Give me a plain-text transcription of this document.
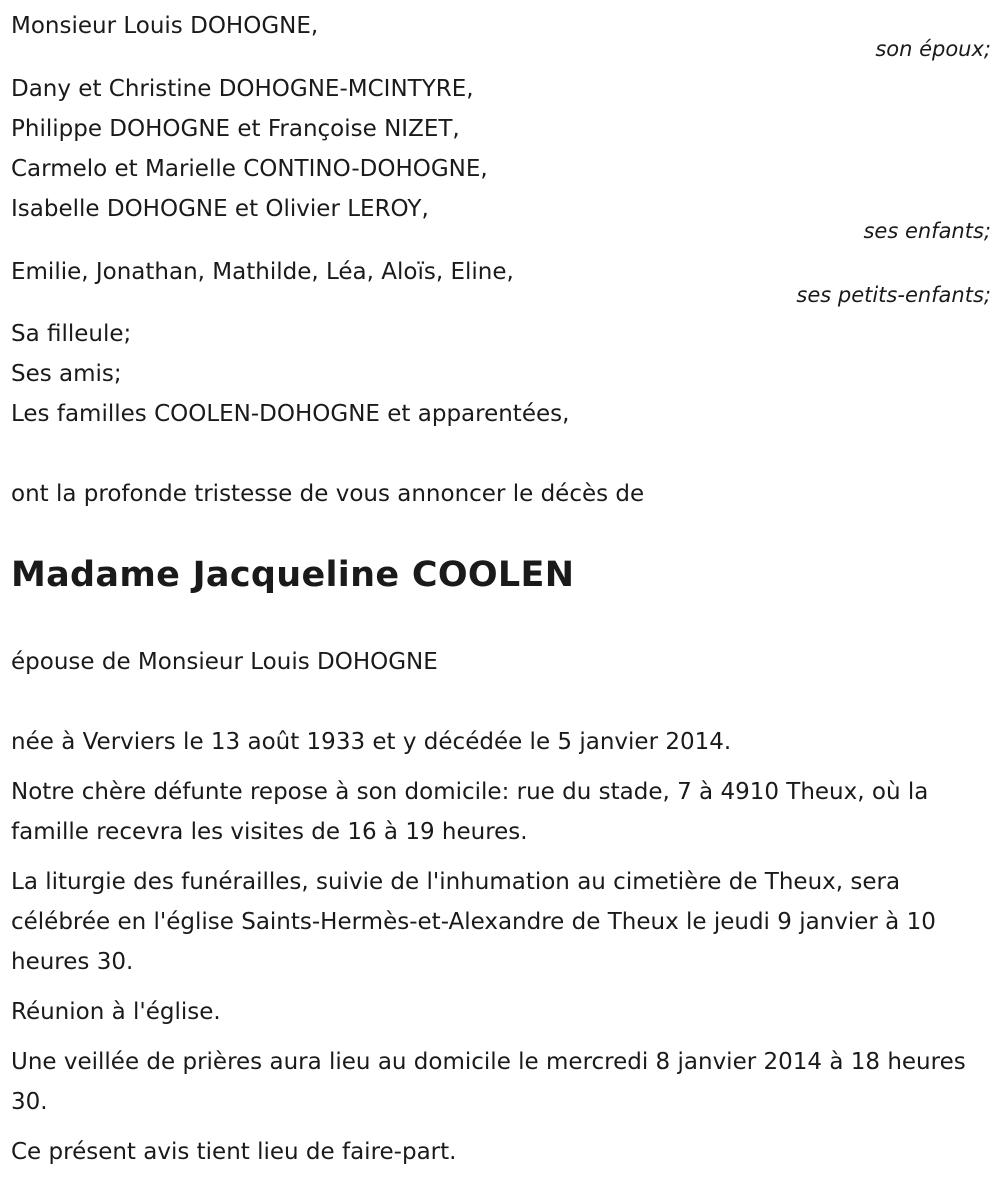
Monsieur Louis DOHOGNE,

son époux;

Dany et Christine DOHOGNE-MCINTYRE,

Philippe DOHOGNE et Françoise NIZET,

Carmelo et Marielle CONTINO-DOHOGNE,

Isabelle DOHOGNE et Olivier LEROY,

ses enfants;

Emilie, Jonathan, Mathilde, Léa, Aloïs, Eline,

ses petits-enfants;

Sa filleule;

Ses amis;

Les familles COOLEN-DOHOGNE et apparentées,

ont la profonde tristesse de vous annoncer le décès de

Madame Jacqueline COOLEN

épouse de Monsieur Louis DOHOGNE

née à Verviers le 13 août 1933 et y décédée le 5 janvier 2014.

Notre chère défunte repose à son domicile: rue du stade, 7 à 4910 Theux, où la famille recevra les visites de 16 à 19 heures.

La liturgie des funérailles, suivie de l'inhumation au cimetière de Theux, sera célébrée en l'église Saints-Hermès-et-Alexandre de Theux le jeudi 9 janvier à 10 heures 30.

Réunion à l'église.

Une veillée de prières aura lieu au domicile le mercredi 8 janvier 2014 à 18 heures 30.

Ce présent avis tient lieu de faire-part.
